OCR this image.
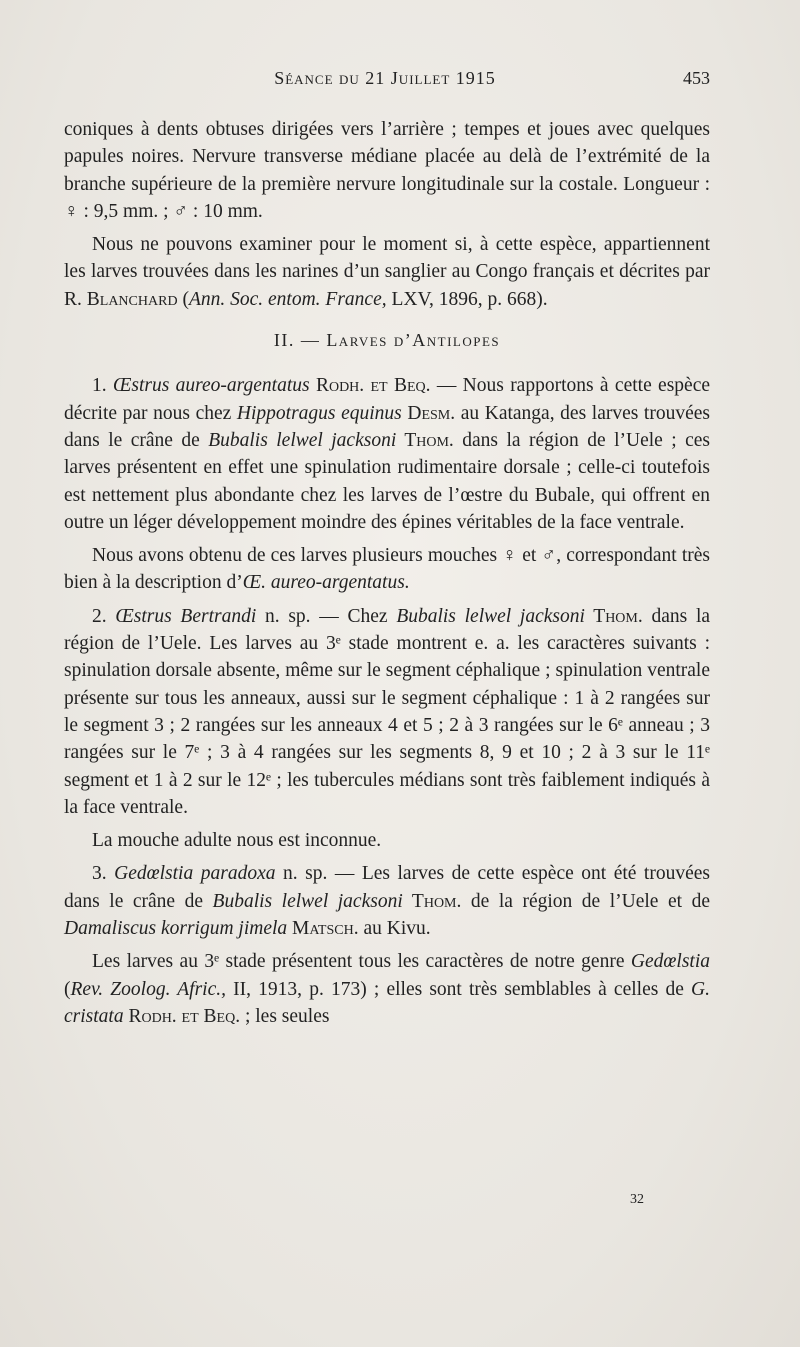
Séance du 21 Juillet 1915	453

coniques à dents obtuses dirigées vers l’arrière ; tempes et joues avec quelques papules noires. Nervure transverse médiane placée au delà de l’extrémité de la branche supérieure de la première nervure longitudinale sur la costale. Longueur : ♀ : 9,5 mm. ; ♂ : 10 mm.

Nous ne pouvons examiner pour le moment si, à cette espèce, appartiennent les larves trouvées dans les narines d’un sanglier au Congo français et décrites par R. Blanchard (Ann. Soc. entom. France, LXV, 1896, p. 668).

II. — Larves d’Antilopes

1. Œstrus aureo-argentatus Rodh. et Beq. — Nous rapportons à cette espèce décrite par nous chez Hippotragus equinus Desm. au Katanga, des larves trouvées dans le crâne de Bubalis lelwel jacksoni Thom. dans la région de l’Uele ; ces larves présentent en effet une spinulation rudimentaire dorsale ; celle-ci toutefois est nettement plus abondante chez les larves de l’œstre du Bubale, qui offrent en outre un léger développement moindre des épines véritables de la face ventrale.

Nous avons obtenu de ces larves plusieurs mouches ♀ et ♂, correspondant très bien à la description d’Œ. aureo-argentatus.

2. Œstrus Bertrandi n. sp. — Chez Bubalis lelwel jacksoni Thom. dans la région de l’Uele. Les larves au 3ᵉ stade montrent e. a. les caractères suivants : spinulation dorsale absente, même sur le segment céphalique ; spinulation ventrale présente sur tous les anneaux, aussi sur le segment céphalique : 1 à 2 rangées sur le segment 3 ; 2 rangées sur les anneaux 4 et 5 ; 2 à 3 rangées sur le 6ᵉ anneau ; 3 rangées sur le 7ᵉ ; 3 à 4 rangées sur les segments 8, 9 et 10 ; 2 à 3 sur le 11ᵉ segment et 1 à 2 sur le 12ᵉ ; les tubercules médians sont très faiblement indiqués à la face ventrale.

La mouche adulte nous est inconnue.

3. Gedœlstia paradoxa n. sp. — Les larves de cette espèce ont été trouvées dans le crâne de Bubalis lelwel jacksoni Thom. de la région de l’Uele et de Damaliscus korrigum jimela Matsch. au Kivu.

Les larves au 3ᵉ stade présentent tous les caractères de notre genre Gedœlstia (Rev. Zoolog. Afric., II, 1913, p. 173) ; elles sont très semblables à celles de G. cristata Rodh. et Beq. ; les seules

32
